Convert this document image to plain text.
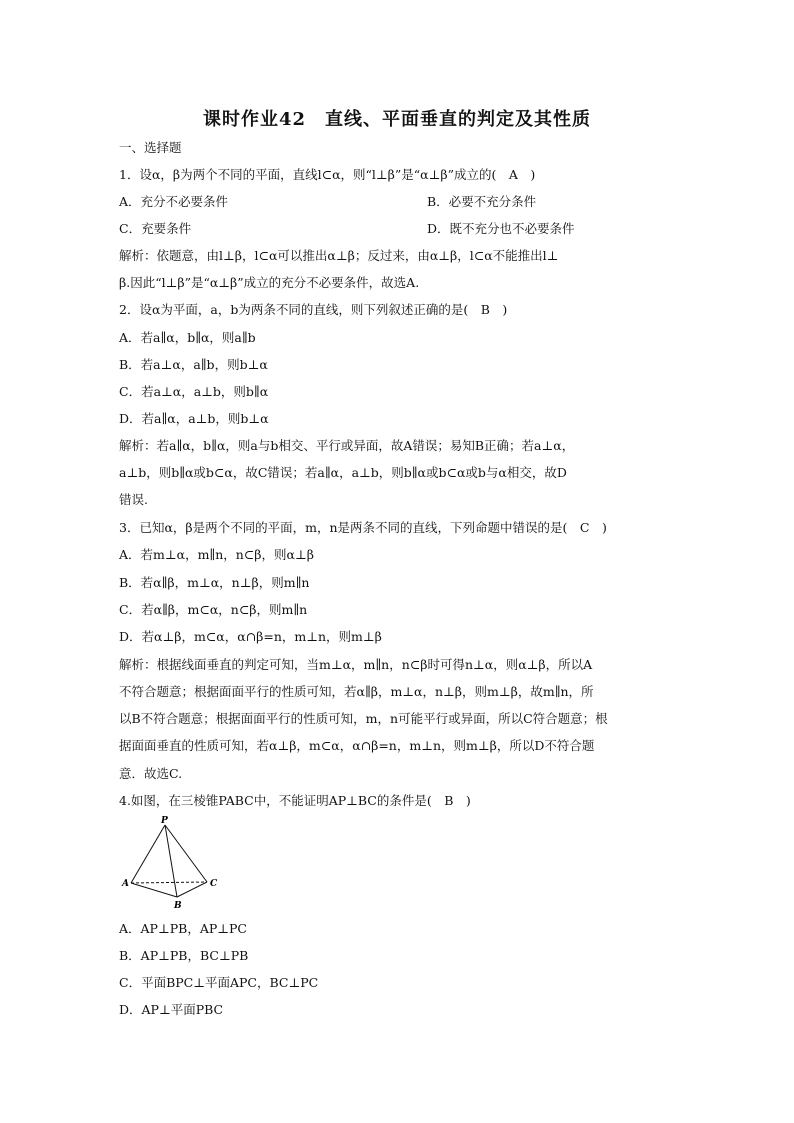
课时作业42　直线、平面垂直的判定及其性质
一、选择题
1．设α，β为两个不同的平面，直线l⊂α，则“l⊥β”是“α⊥β”成立的(　A　)
A．充分不必要条件	B．必要不充分条件
C．充要条件	D．既不充分也不必要条件
解析：依题意，由l⊥β，l⊂α可以推出α⊥β；反过来，由α⊥β，l⊂α不能推出l⊥
β.因此“l⊥β”是“α⊥β”成立的充分不必要条件，故选A.
2．设α为平面，a，b为两条不同的直线，则下列叙述正确的是(　B　)
A．若a∥α，b∥α，则a∥b
B．若a⊥α，a∥b，则b⊥α
C．若a⊥α，a⊥b，则b∥α
D．若a∥α，a⊥b，则b⊥α
解析：若a∥α，b∥α，则a与b相交、平行或异面，故A错误；易知B正确；若a⊥α，
a⊥b，则b∥α或b⊂α，故C错误；若a∥α，a⊥b，则b∥α或b⊂α或b与α相交，故D
错误.
3．已知α，β是两个不同的平面，m，n是两条不同的直线，下列命题中错误的是(　C　)
A．若m⊥α，m∥n，n⊂β，则α⊥β
B．若α∥β，m⊥α，n⊥β，则m∥n
C．若α∥β，m⊂α，n⊂β，则m∥n
D．若α⊥β，m⊂α，α∩β=n，m⊥n，则m⊥β
解析：根据线面垂直的判定可知，当m⊥α，m∥n，n⊂β时可得n⊥α，则α⊥β，所以A
不符合题意；根据面面平行的性质可知，若α∥β，m⊥α，n⊥β，则m⊥β，故m∥n，所
以B不符合题意；根据面面平行的性质可知，m，n可能平行或异面，所以C符合题意；根
据面面垂直的性质可知，若α⊥β，m⊂α，α∩β=n，m⊥n，则m⊥β，所以D不符合题
意．故选C.
4.如图，在三棱锥PABC中，不能证明AP⊥BC的条件是(　B　)
P
A
B
C
A．AP⊥PB，AP⊥PC
B．AP⊥PB，BC⊥PB
C．平面BPC⊥平面APC，BC⊥PC
D．AP⊥平面PBC
